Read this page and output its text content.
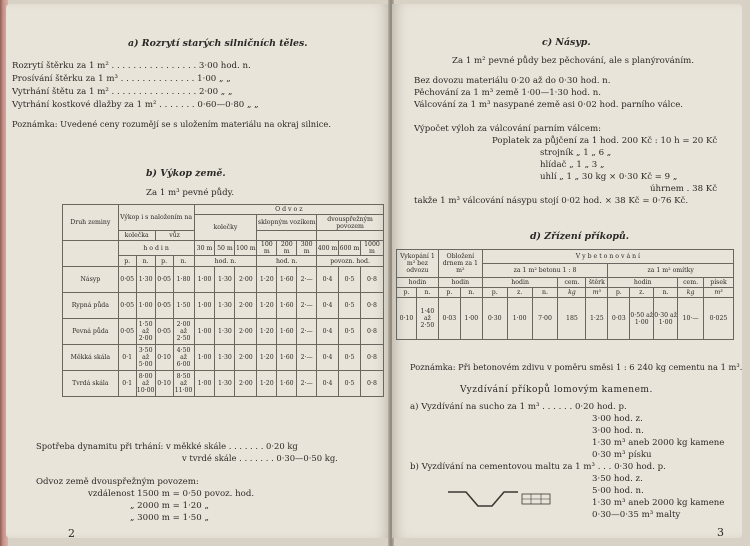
a) Rozrytí starých silničních těles.
Rozrytí štěrku za 1 m² . . . . . . . . . . . . . . . . 3·00 hod. n.
Prosívání štěrku za 1 m³ . . . . . . . . . . . . . . 1·00 „ „
Vytrhání štětu za 1 m² . . . . . . . . . . . . . . . . 2·00 „ „
Vytrhání kostkové dlažby za 1 m² . . . . . . . 0·60—0·80 „ „
Poznámka: Uvedené ceny rozumějí se s uložením materiálu na okraj silnice.
b) Výkop země.
Za 1 m³ pevné půdy.
Druh zeminy	Výkop i s naložením na				O d v o z								
					kolečky			sklopným vozíkem			dvouspřežným povozem		
	kolečka		vůz										
	h o d i n				30 m	50 m	100 m	100 m	200 m	300 m	400 m	600 m	1000 m
	p.	n.	p.	n.	hod. n.			hod. n.			povozn. hod.		
Násyp	0·05	1·30	0·05	1·80	1·00	1·30	2·00	1·20	1·60	2·—	0·4	0·5	0·8
Rypná půda	0·05	1·00	0·05	1·50	1·00	1·30	2·00	1·20	1·60	2·—	0·4	0·5	0·8
Pevná půda	0·05	1·50 až 2·00	0·05	2·00 až 2·50	1·00	1·30	2·00	1·20	1·60	2·—	0·4	0·5	0·8
Měkká skála	0·1	3·50 až 5·00	0·10	4·50 až 6·00	1·00	1·30	2·00	1·20	1·60	2·—	0·4	0·5	0·8
Tvrdá skála	0·1	8·00 až 10·00	0·10	8·50 až 11·00	1·00	1·30	2·00	1·20	1·60	2·—	0·4	0·5	0·8
Spotřeba dynamitu při trhání: v měkké skále . . . . . . . 0·20 kg
v tvrdé skále . . . . . . . 0·30—0·50 kg.
Odvoz země dvouspřežným povozem:
vzdálenost 1500 m = 0·50 povoz. hod.
„ 2000 m = 1·20 „
„ 3000 m = 1·50 „
2
c) Násyp.
Za 1 m² pevné půdy bez pěchování, ale s planýrováním.
Bez dovozu materiálu 0·20 až do 0·30 hod. n.
Pěchování za 1 m³ země 1·00—1·30 hod. n.
Válcování za 1 m³ nasypané země asi 0·02 hod. parního válce.
Výpočet výloh za válcování parním válcem:
Poplatek za půjčení za 1 hod. 200 Kč : 10 h = 20 Kč
strojník „ 1 „ 6 „
hlídač „ 1 „ 3 „
uhlí „ 1 „ 30 kg × 0·30 Kč = 9 „
úhrnem . 38 Kč
takže 1 m³ válcování násypu stojí 0·02 hod. × 38 Kč = 0·76 Kč.
d) Zřízení příkopů.
Vykopání 1 m³ bez odvozu		Obložení drnem za 1 m²		V y b e t o n o v á n í									
				za 1 m² betonu 1 : 8					za 1 m² omítky				
hodin		hodin		hodin			cem.	štěrk	hodin			cem.	písek
p.	n.	p.	n.	p.	z.	n.	kg	m³	p.	z.	n.	kg	m³
0·10	1·40 až 2·50	0·03	1·00	0·30	1·00	7·00	185	1·25	0·03	0·50 až 1·00	0·30 až 1·00	10·—	0·025
Poznámka: Při betonovém zdivu v poměru směsi 1 : 6 240 kg cementu na 1 m³.
Vyzdívání příkopů lomovým kamenem.
a) Vyzdívání na sucho za 1 m³ . . . . . . 0·20 hod. p.
3·00 hod. z.
3·00 hod. n.
1·30 m³ aneb 2000 kg kamene
0·30 m³ písku
b) Vyzdívání na cementovou maltu za 1 m³ . . . 0·30 hod. p.
3·50 hod. z.
5·00 hod. n.
1·30 m³ aneb 2000 kg kamene
0·30—0·35 m³ malty
3
